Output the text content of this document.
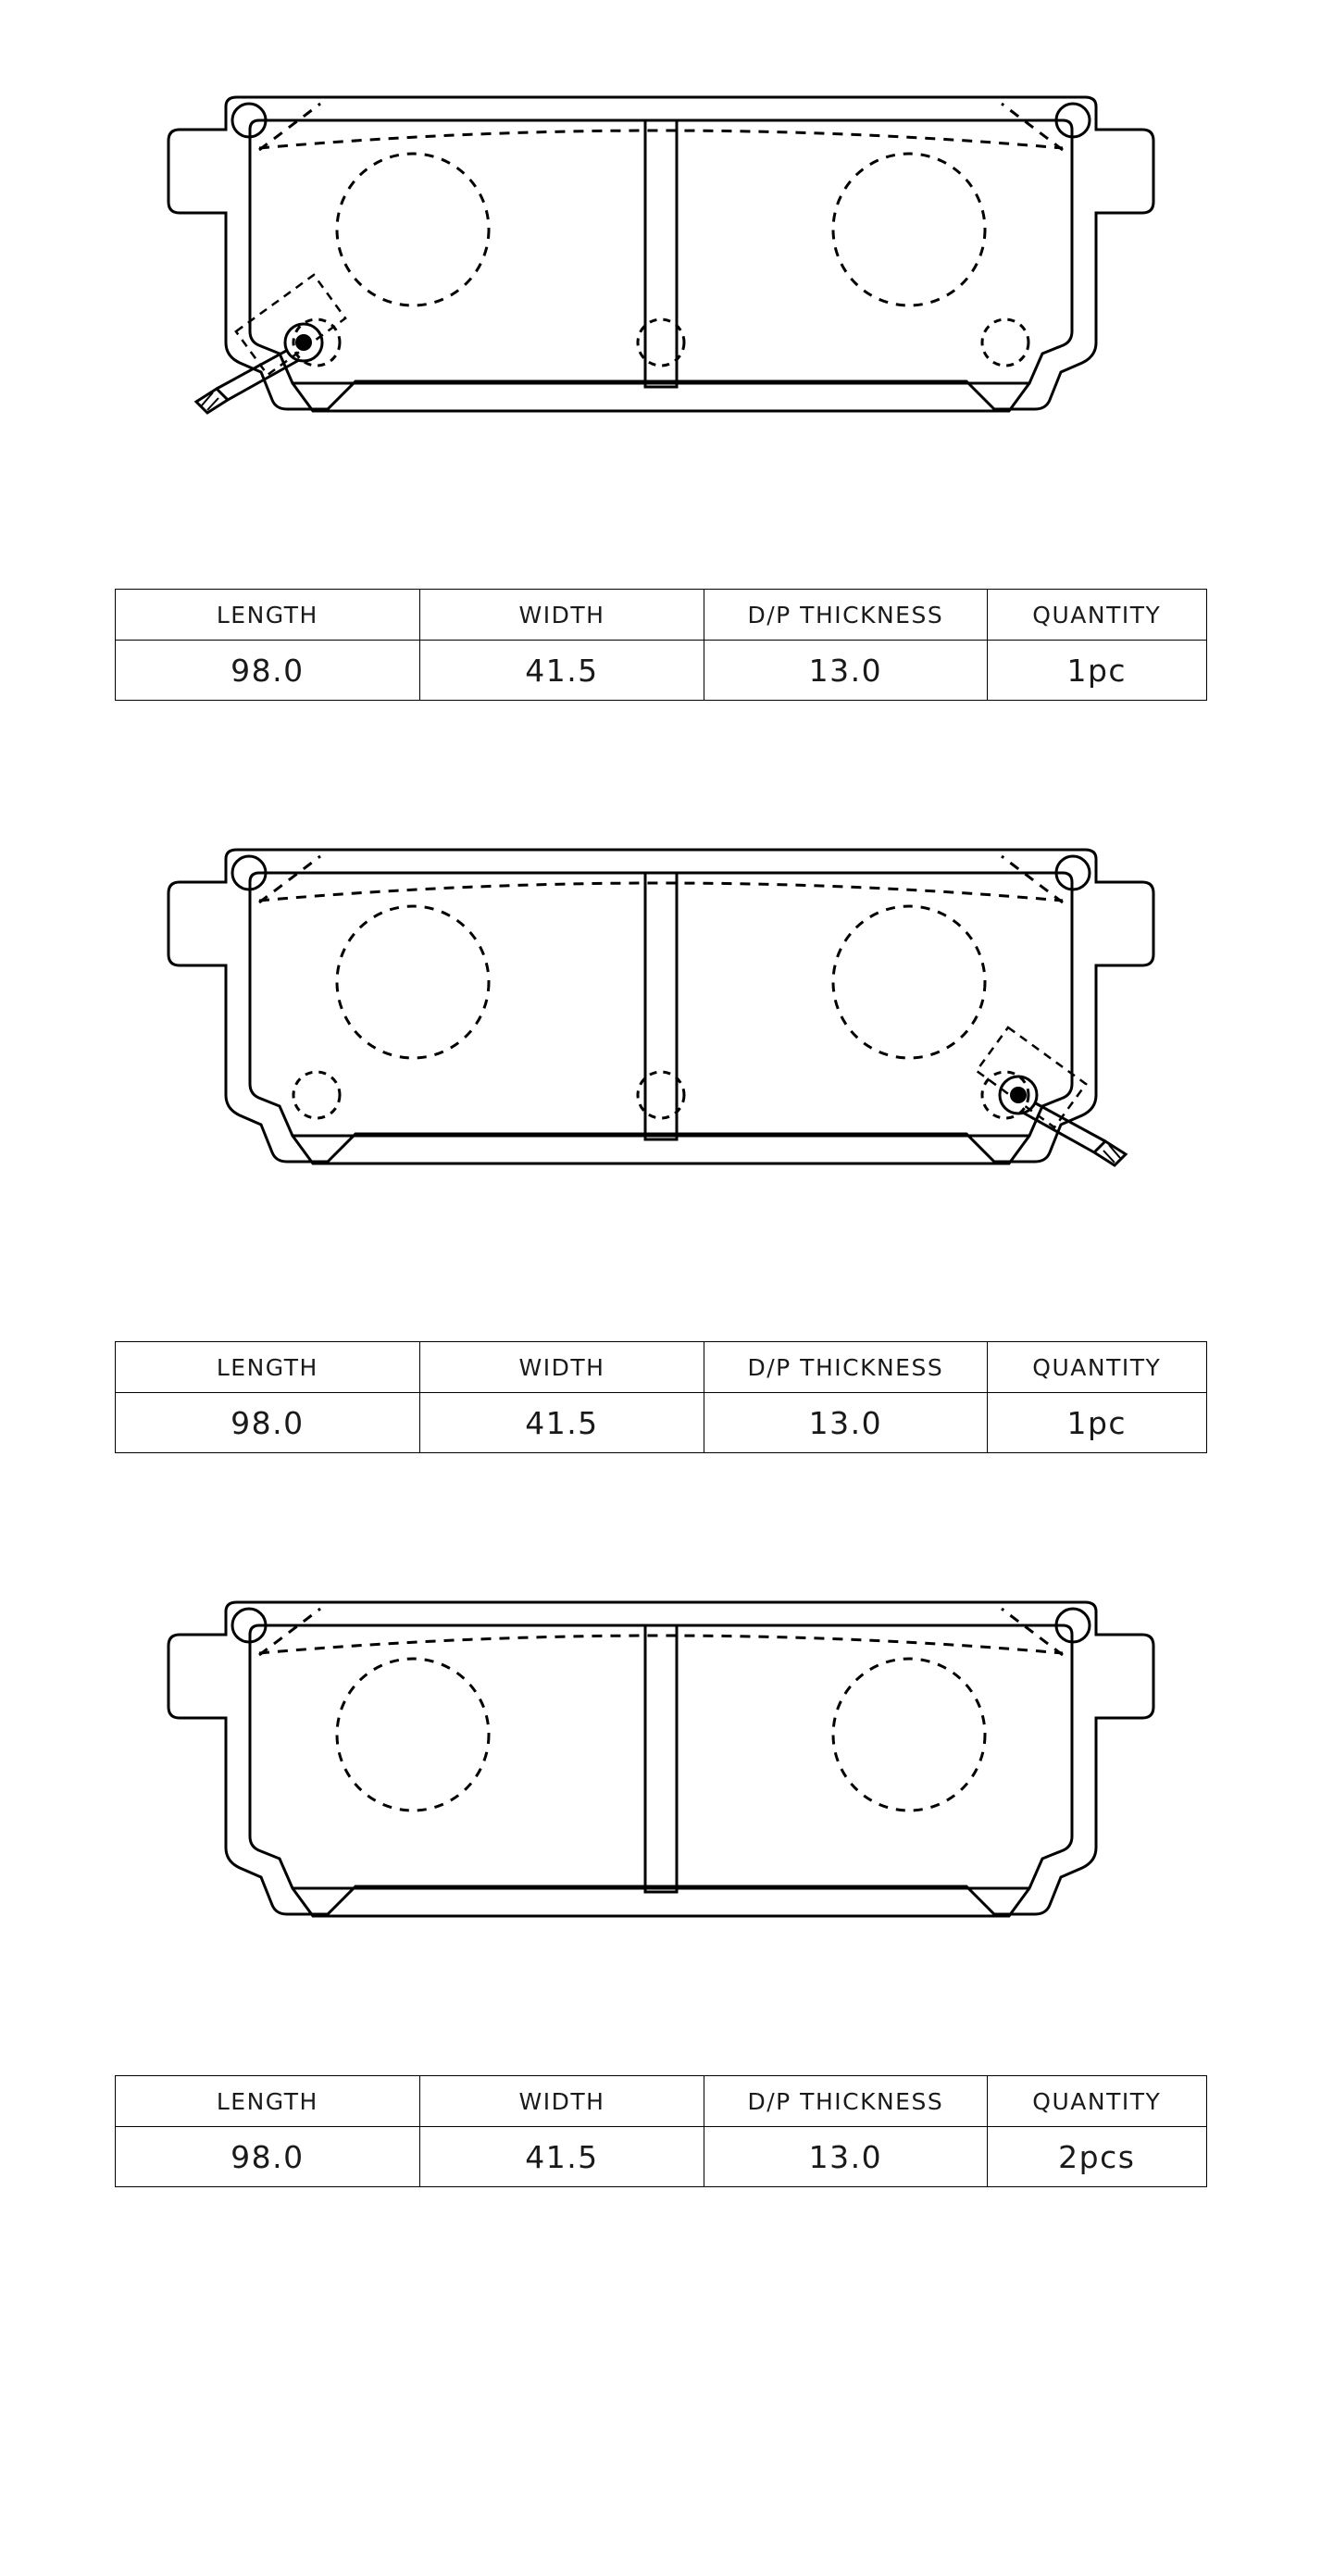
LENGTH	WIDTH	D/P THICKNESS	QUANTITY
98.0	41.5	13.0	1pc
LENGTH	WIDTH	D/P THICKNESS	QUANTITY
98.0	41.5	13.0	1pc
LENGTH	WIDTH	D/P THICKNESS	QUANTITY
98.0	41.5	13.0	2pcs
